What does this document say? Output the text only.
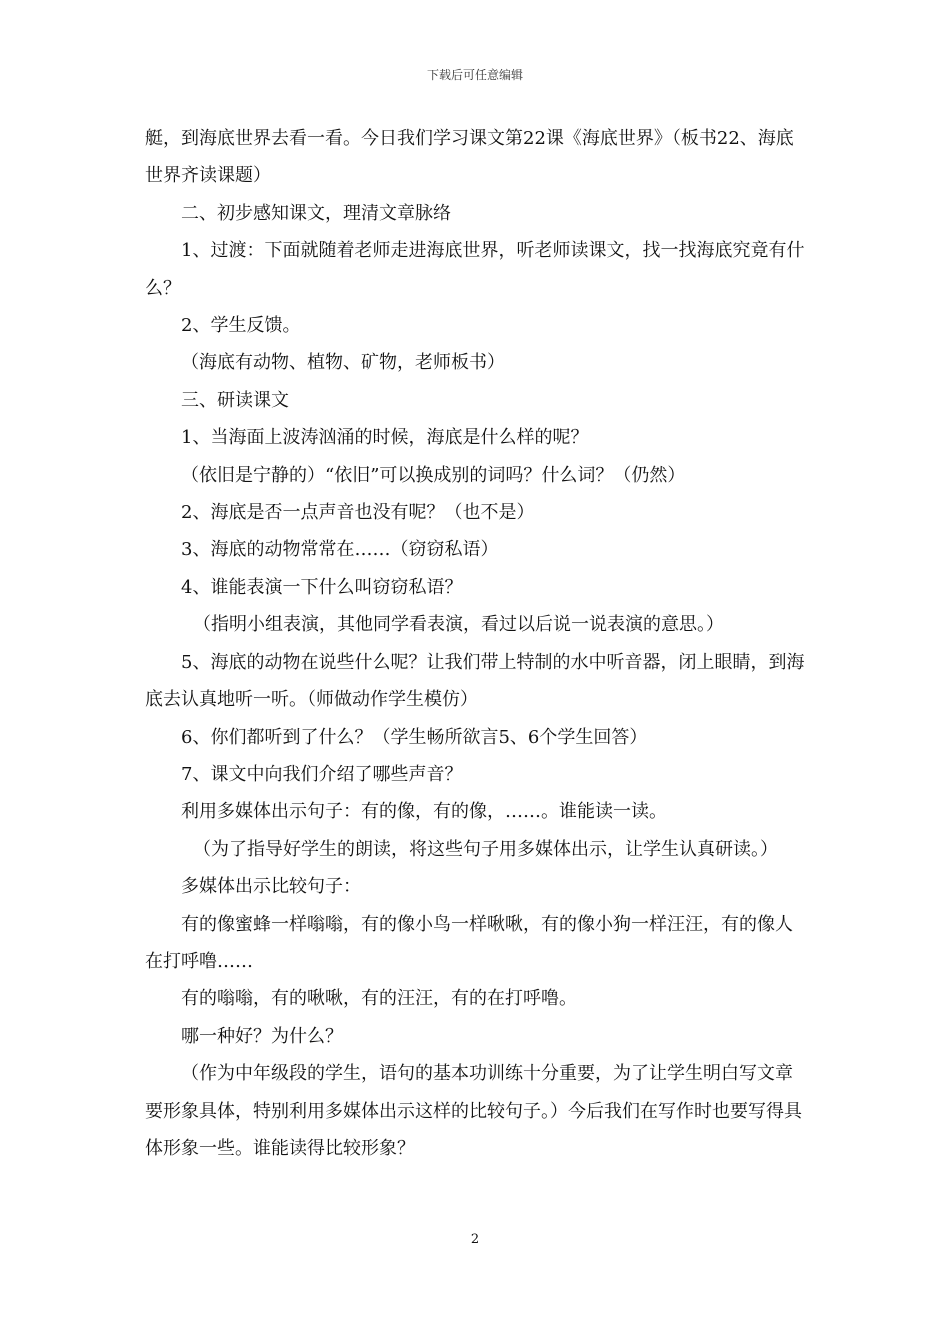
下载后可任意编辑

艇，到海底世界去看一看。今日我们学习课文第22课《海底世界》（板书22、海底世界齐读课题）

二、初步感知课文，理清文章脉络

1、过渡：下面就随着老师走进海底世界，听老师读课文，找一找海底究竟有什么？

2、学生反馈。

（海底有动物、植物、矿物，老师板书）

三、研读课文

1、当海面上波涛汹涌的时候，海底是什么样的呢？

（依旧是宁静的）“依旧”可以换成别的词吗？什么词？（仍然）

2、海底是否一点声音也没有呢？（也不是）

3、海底的动物常常在……（窃窃私语）

4、谁能表演一下什么叫窃窃私语？

（指明小组表演，其他同学看表演，看过以后说一说表演的意思。）

5、海底的动物在说些什么呢？让我们带上特制的水中听音器，闭上眼睛，到海底去认真地听一听。（师做动作学生模仿）

6、你们都听到了什么？（学生畅所欲言5、6个学生回答）

7、课文中向我们介绍了哪些声音？

利用多媒体出示句子：有的像，有的像，……。谁能读一读。

（为了指导好学生的朗读，将这些句子用多媒体出示，让学生认真研读。）

多媒体出示比较句子：

有的像蜜蜂一样嗡嗡，有的像小鸟一样啾啾，有的像小狗一样汪汪，有的像人在打呼噜……

有的嗡嗡，有的啾啾，有的汪汪，有的在打呼噜。

哪一种好？为什么？

（作为中年级段的学生，语句的基本功训练十分重要，为了让学生明白写文章要形象具体，特别利用多媒体出示这样的比较句子。）今后我们在写作时也要写得具体形象一些。谁能读得比较形象？

2
